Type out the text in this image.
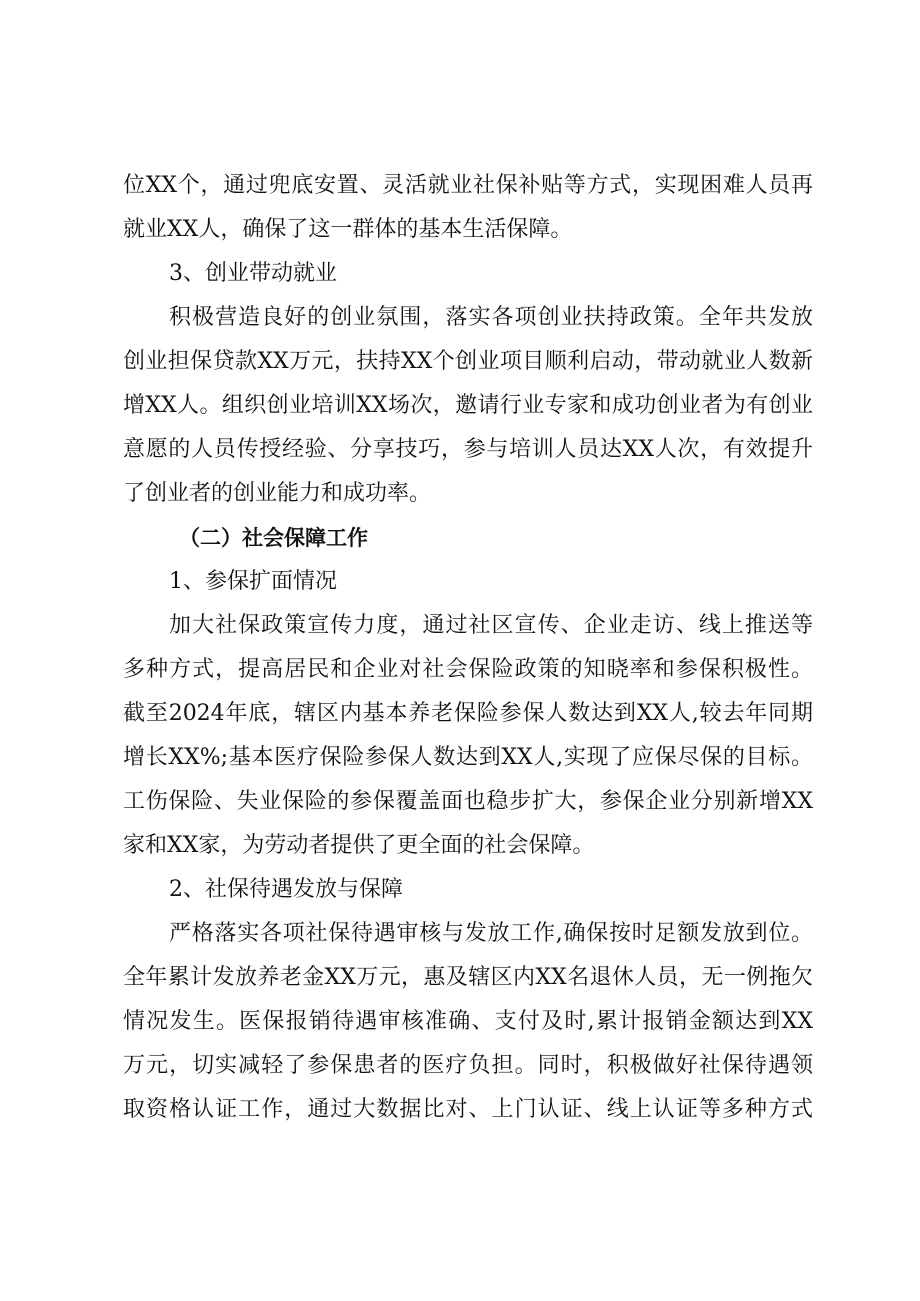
位XX个，通过兜底安置、灵活就业社保补贴等方式，实现困难人员再
就业XX人，确保了这一群体的基本生活保障。
3、创业带动就业
积极营造良好的创业氛围，落实各项创业扶持政策。全年共发放
创业担保贷款XX万元，扶持XX个创业项目顺利启动，带动就业人数新
增XX人。组织创业培训XX场次，邀请行业专家和成功创业者为有创业
意愿的人员传授经验、分享技巧，参与培训人员达XX人次，有效提升
了创业者的创业能力和成功率。
（二）社会保障工作
1、参保扩面情况
加大社保政策宣传力度，通过社区宣传、企业走访、线上推送等
多种方式，提高居民和企业对社会保险政策的知晓率和参保积极性。
截至2024年底，辖区内基本养老保险参保人数达到XX人,较去年同期
增长XX%;基本医疗保险参保人数达到XX人,实现了应保尽保的目标。
工伤保险、失业保险的参保覆盖面也稳步扩大，参保企业分别新增XX
家和XX家，为劳动者提供了更全面的社会保障。
2、社保待遇发放与保障
严格落实各项社保待遇审核与发放工作,确保按时足额发放到位。
全年累计发放养老金XX万元，惠及辖区内XX名退休人员，无一例拖欠
情况发生。医保报销待遇审核准确、支付及时,累计报销金额达到XX
万元，切实减轻了参保患者的医疗负担。同时，积极做好社保待遇领
取资格认证工作，通过大数据比对、上门认证、线上认证等多种方式
